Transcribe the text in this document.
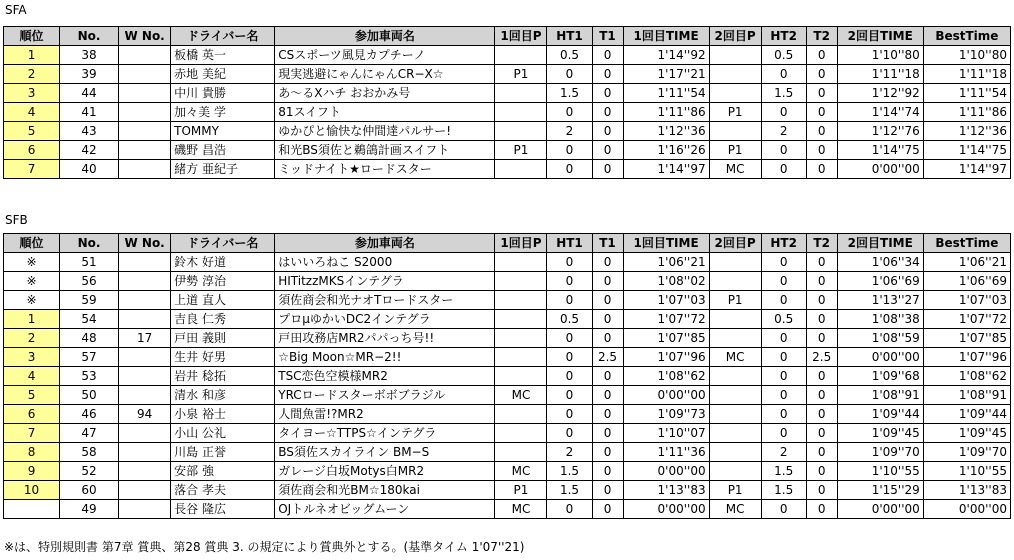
SFA
順位	No.	W No.	ドライバー名	参加車両名	1回目P	HT1	T1	1回目TIME	2回目P	HT2	T2	2回目TIME	BestTime
1	38		板橋 英一	CSスポーツ風見カプチーノ		0.5	0	1'14''92		0.5	0	1'10''80	1'10''80
2	39		赤地 美紀	現実逃避にゃんにゃんCR−X☆	P1	0	0	1'17''21		0	0	1'11''18	1'11''18
3	44		中川 貴勝	あ〜るXハチ おおかみ号		1.5	0	1'11''54		1.5	0	1'12''92	1'11''54
4	41		加々美 学	81スイフト		0	0	1'11''86	P1	0	0	1'14''74	1'11''86
5	43		TOMMY	ゆかぴと愉快な仲間達パルサー!		2	0	1'12''36		2	0	1'12''76	1'12''36
6	42		磯野 昌浩	和光BS須佐と鵜鴿計画スイフト	P1	0	0	1'16''26	P1	0	0	1'14''75	1'14''75
7	40		緒方 亜紀子	ミッドナイト★ロードスター		0	0	1'14''97	MC	0	0	0'00''00	1'14''97
SFB
順位	No.	W No.	ドライバー名	参加車両名	1回目P	HT1	T1	1回目TIME	2回目P	HT2	T2	2回目TIME	BestTime
※	51		鈴木 好道	はいいろねこ S2000		0	0	1'06''21		0	0	1'06''34	1'06''21
※	56		伊勢 淳治	HITitzzMKSインテグラ		0	0	1'08''02		0	0	1'06''69	1'06''69
※	59		上道 直人	須佐商会和光ナオTロードスター		0	0	1'07''03	P1	0	0	1'13''27	1'07''03
1	54		吉良 仁秀	プロμゆかいDC2インテグラ		0.5	0	1'07''72		0.5	0	1'08''38	1'07''72
2	48	17	戸田 義則	戸田攻務店MR2パパっち号!!		0	0	1'07''85		0	0	1'08''59	1'07''85
3	57		生井 好男	☆Big Moon☆MR−2!!		0	2.5	1'07''96	MC	0	2.5	0'00''00	1'07''96
4	53		岩井 稔拓	TSC恋色空模様MR2		0	0	1'08''62		0	0	1'09''68	1'08''62
5	50		清水 和彦	YRCロードスターボボブラジル	MC	0	0	0'00''00		0	0	1'08''91	1'08''91
6	46	94	小泉 裕士	人間魚雷!?MR2		0	0	1'09''73		0	0	1'09''44	1'09''44
7	47		小山 公礼	タイヨー☆TTPS☆インテグラ		0	0	1'10''07		0	0	1'09''45	1'09''45
8	58		川島 正誉	BS須佐スカイライン BM−S		2	0	1'11''36		2	0	1'09''70	1'09''70
9	52		安部 強	ガレージ白坂Motys白MR2	MC	1.5	0	0'00''00		1.5	0	1'10''55	1'10''55
10	60		落合 孝夫	須佐商会和光BM☆180kai	P1	1.5	0	1'13''83	P1	1.5	0	1'15''29	1'13''83
	49		長谷 隆広	OJトルネオビッグムーン	MC	0	0	0'00''00	MC	0	0	0'00''00	0'00''00
※は、特別規則書 第7章 賞典、第28 賞典 3. の規定により賞典外とする。(基準タイム 1'07''21)
